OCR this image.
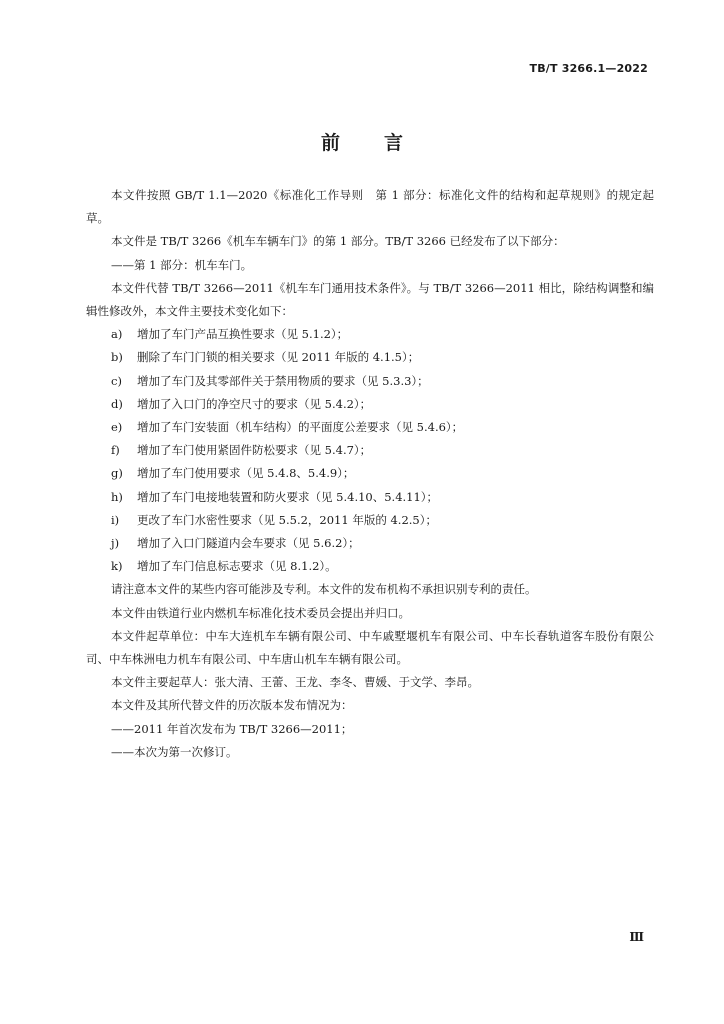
TB/T 3266.1—2022
前言

本文件按照 GB/T 1.1—2020《标准化工作导则　第 1 部分：标准化文件的结构和起草规则》的规定起草。

本文件是 TB/T 3266《机车车辆车门》的第 1 部分。TB/T 3266 已经发布了以下部分：

——第 1 部分：机车车门。

本文件代替 TB/T 3266—2011《机车车门通用技术条件》。与 TB/T 3266—2011 相比，除结构调整和编辑性修改外，本文件主要技术变化如下：

a)	增加了车门产品互换性要求（见 5.1.2）；
b)	删除了车门门锁的相关要求（见 2011 年版的 4.1.5）；
c)	增加了车门及其零部件关于禁用物质的要求（见 5.3.3）；
d)	增加了入口门的净空尺寸的要求（见 5.4.2）；
e)	增加了车门安装面（机车结构）的平面度公差要求（见 5.4.6）；
f)	增加了车门使用紧固件防松要求（见 5.4.7）；
g)	增加了车门使用要求（见 5.4.8、5.4.9）；
h)	增加了车门电接地装置和防火要求（见 5.4.10、5.4.11）；
i)	更改了车门水密性要求（见 5.5.2，2011 年版的 4.2.5）；
j)	增加了入口门隧道内会车要求（见 5.6.2）；
k)	增加了车门信息标志要求（见 8.1.2）。

请注意本文件的某些内容可能涉及专利。本文件的发布机构不承担识别专利的责任。

本文件由铁道行业内燃机车标准化技术委员会提出并归口。

本文件起草单位：中车大连机车车辆有限公司、中车戚墅堰机车有限公司、中车长春轨道客车股份有限公司、中车株洲电力机车有限公司、中车唐山机车车辆有限公司。

本文件主要起草人：张大清、王蕾、王龙、李冬、曹媛、于文学、李昂。

本文件及其所代替文件的历次版本发布情况为：

——2011 年首次发布为 TB/T 3266—2011；

——本次为第一次修订。

Ⅲ
